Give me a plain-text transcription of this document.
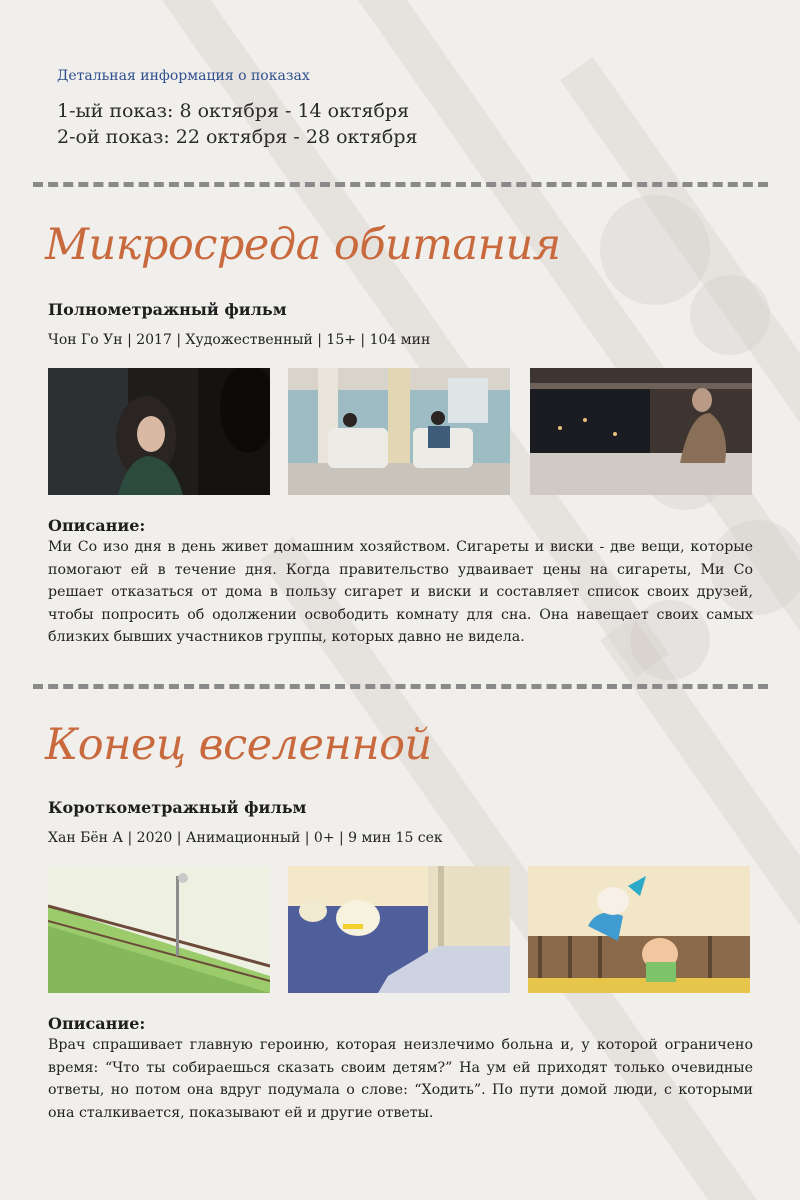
Детальная информация о показах
1-ый показ: 8 октября - 14 октября
2-ой показ: 22 октября - 28 октября
Микросреда обитания
Полнометражный фильм
Чон Го Ун | 2017 | Художественный | 15+ | 104 мин
Описание:
Ми Со изо дня в день живет домашним хозяйством. Сигареты и виски - две вещи, которые помогают ей в течение дня. Когда правительство удваивает цены на сигареты, Ми Со решает отказаться от дома в пользу сигарет и виски и составляет список своих друзей, чтобы попросить об одолжении освободить комнату для сна. Она навещает своих самых близких бывших участников группы, которых давно не видела.
Конец вселенной
Короткометражный фильм
Хан Бён А | 2020 | Анимационный | 0+ | 9 мин 15 сек
Описание:
Врач спрашивает главную героиню, которая неизлечимо больна и, у которой ограничено время: “Что ты собираешься сказать своим детям?” На ум ей приходят только очевидные ответы, но потом она вдруг подумала о слове: “Ходить”. По пути домой люди, с которыми она сталкивается, показывают ей и другие ответы.
